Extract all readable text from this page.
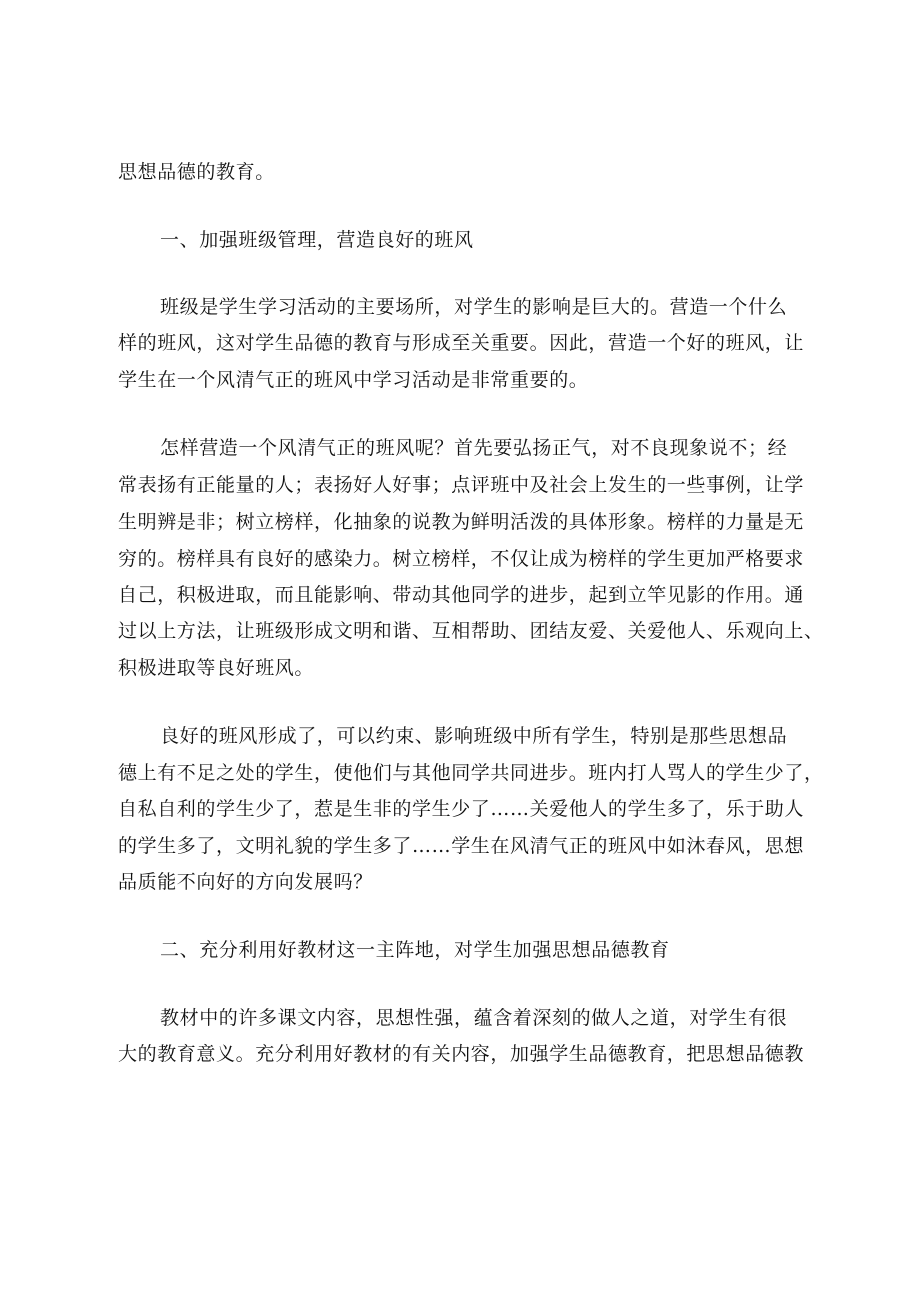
思想品德的教育。
一、加强班级管理，营造良好的班风
班级是学生学习活动的主要场所，对学生的影响是巨大的。营造一个什么
样的班风，这对学生品德的教育与形成至关重要。因此，营造一个好的班风，让
学生在一个风清气正的班风中学习活动是非常重要的。
怎样营造一个风清气正的班风呢？首先要弘扬正气，对不良现象说不；经
常表扬有正能量的人；表扬好人好事；点评班中及社会上发生的一些事例，让学
生明辨是非；树立榜样，化抽象的说教为鲜明活泼的具体形象。榜样的力量是无
穷的。榜样具有良好的感染力。树立榜样，不仅让成为榜样的学生更加严格要求
自己，积极进取，而且能影响、带动其他同学的进步，起到立竿见影的作用。通
过以上方法，让班级形成文明和谐、互相帮助、团结友爱、关爱他人、乐观向上、
积极进取等良好班风。
良好的班风形成了，可以约束、影响班级中所有学生，特别是那些思想品
德上有不足之处的学生，使他们与其他同学共同进步。班内打人骂人的学生少了，
自私自利的学生少了，惹是生非的学生少了……关爱他人的学生多了，乐于助人
的学生多了，文明礼貌的学生多了……学生在风清气正的班风中如沐春风，思想
品质能不向好的方向发展吗？
二、充分利用好教材这一主阵地，对学生加强思想品德教育
教材中的许多课文内容，思想性强，蕴含着深刻的做人之道，对学生有很
大的教育意义。充分利用好教材的有关内容，加强学生品德教育，把思想品德教
